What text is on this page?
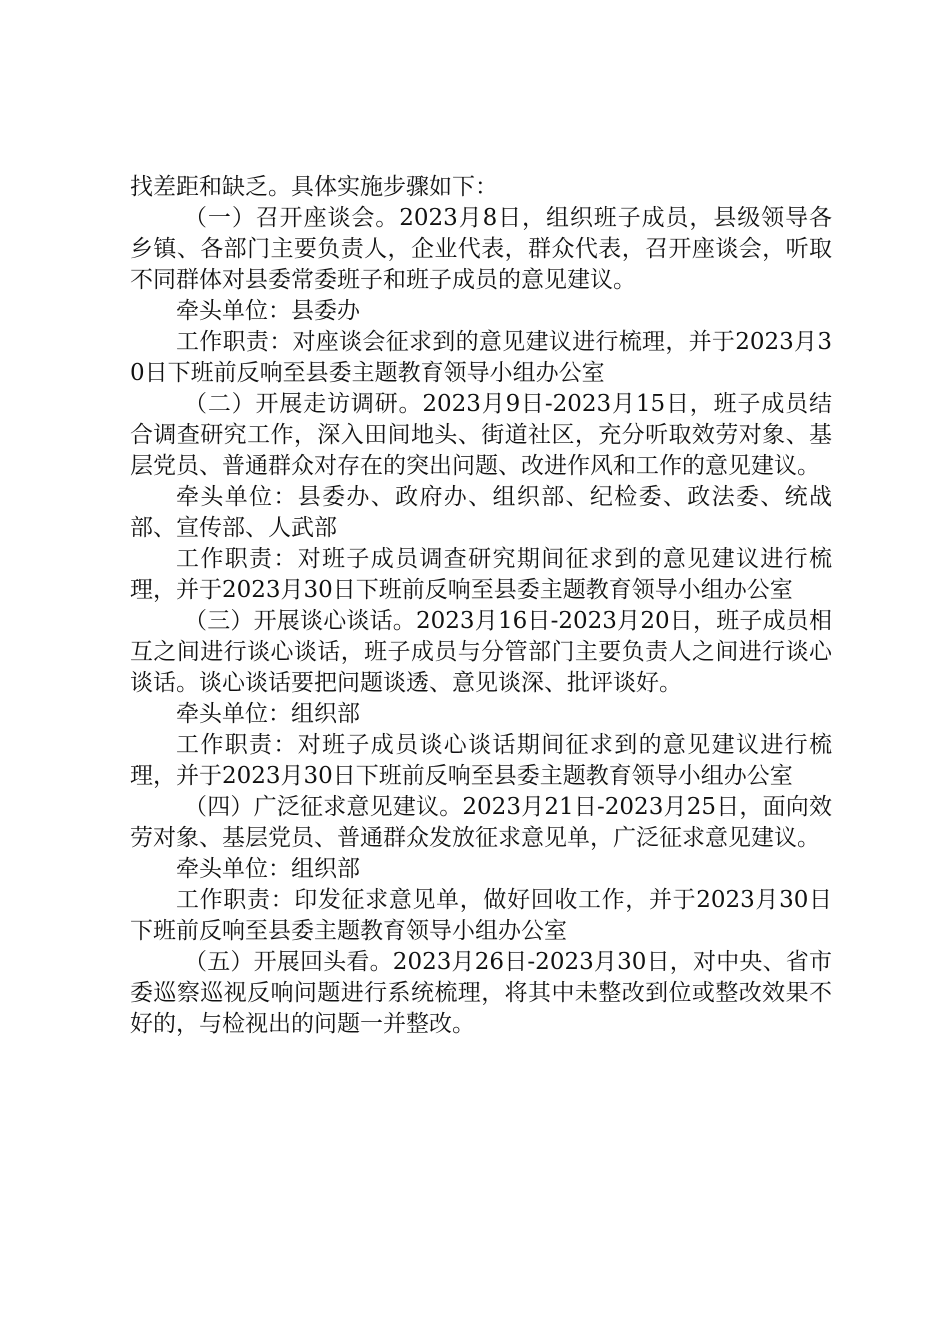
找差距和缺乏。具体实施步骤如下：

（一）召开座谈会。2023月8日，组织班子成员，县级领导各乡镇、各部门主要负责人，企业代表，群众代表，召开座谈会，听取不同群体对县委常委班子和班子成员的意见建议。

牵头单位：县委办

工作职责：对座谈会征求到的意见建议进行梳理，并于2023月30日下班前反响至县委主题教育领导小组办公室

（二）开展走访调研。2023月9日-2023月15日，班子成员结合调查研究工作，深入田间地头、街道社区，充分听取效劳对象、基层党员、普通群众对存在的突出问题、改进作风和工作的意见建议。

牵头单位：县委办、政府办、组织部、纪检委、政法委、统战部、宣传部、人武部

工作职责：对班子成员调查研究期间征求到的意见建议进行梳理，并于2023月30日下班前反响至县委主题教育领导小组办公室

（三）开展谈心谈话。2023月16日-2023月20日，班子成员相互之间进行谈心谈话，班子成员与分管部门主要负责人之间进行谈心谈话。谈心谈话要把问题谈透、意见谈深、批评谈好。

牵头单位：组织部

工作职责：对班子成员谈心谈话期间征求到的意见建议进行梳理，并于2023月30日下班前反响至县委主题教育领导小组办公室

（四）广泛征求意见建议。2023月21日-2023月25日，面向效劳对象、基层党员、普通群众发放征求意见单，广泛征求意见建议。

牵头单位：组织部

工作职责：印发征求意见单，做好回收工作，并于2023月30日下班前反响至县委主题教育领导小组办公室

（五）开展回头看。2023月26日-2023月30日，对中央、省市委巡察巡视反响问题进行系统梳理，将其中未整改到位或整改效果不好的，与检视出的问题一并整改。
